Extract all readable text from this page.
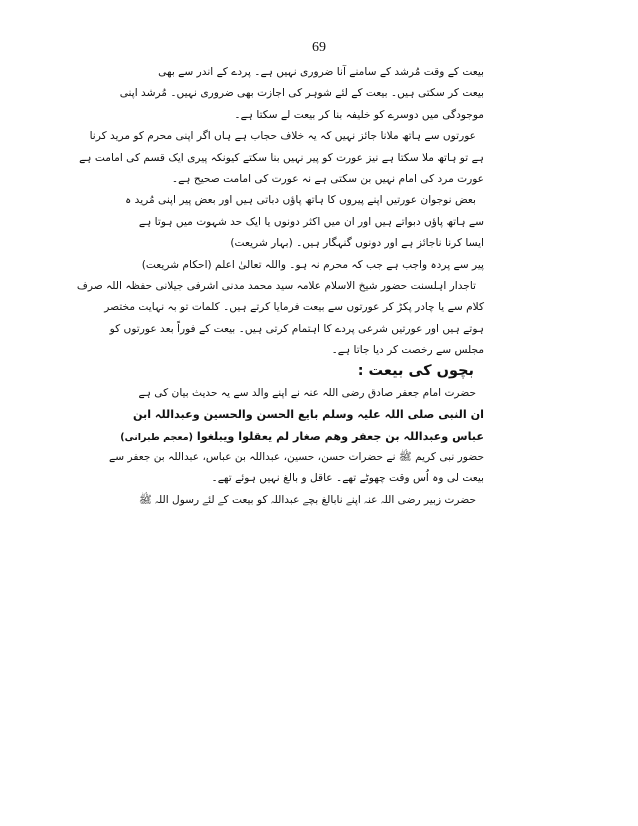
69
بیعت کے وقت مُرشد کے سامنے آنا ضروری نہیں ہے۔ پردے کے اندر سے بھی
بیعت کر سکتی ہیں۔ بیعت کے لئے شوہر کی اجازت بھی ضروری نہیں۔ مُرشد اپنی
موجودگی میں دوسرے کو خلیفہ بنا کر بیعت لے سکتا ہے۔
عورتوں سے ہاتھ ملانا جائز نہیں کہ یہ خلاف حجاب ہے ہاں اگر اپنی محرم کو مرید کرنا
ہے تو ہاتھ ملا سکتا ہے نیز عورت کو پیر نہیں بنا سکتے کیونکہ پیری ایک قسم کی امامت ہے
عورت مرد کی امام نہیں بن سکتی ہے نہ عورت کی امامت صحیح ہے۔
بعض نوجوان عورتیں اپنے پیروں کا ہاتھ پاؤں دباتی ہیں اور بعض پیر اپنی مُرید ہ
سے ہاتھ پاؤں دبواتے ہیں اور ان میں اکثر دونوں یا ایک حد شہوت میں ہوتا ہے
ایسا کرنا ناجائز ہے اور دونوں گنہگار ہیں۔ (بہار شریعت)
پیر سے پردہ واجب ہے جب کہ محرم نہ ہو۔ واللہ تعالیٰ اعلم (احکام شریعت)
تاجدار اہلسنت حضور شیخ الاسلام علامہ سید محمد مدنی اشرفی جیلانی حفظہ اللہ صرف
کلام سے یا چادر پکڑ کر عورتوں سے بیعت فرمایا کرتے ہیں۔ کلمات تو بہ نہایت مختصر
ہوتے ہیں اور عورتیں شرعی پردے کا اہتمام کرتی ہیں۔ بیعت کے فوراً بعد عورتوں کو
مجلس سے رخصت کر دیا جاتا ہے۔
بچوں کی بیعت :
حضرت امام جعفر صادق رضی اللہ عنہ نے اپنے والد سے یہ حدیث بیان کی ہے
ان النبی صلی اللہ علیہ وسلم بایع الحسن والحسین وعبداللہ ابن
عباس وعبداللہ بن جعفر وھم صغار لم یعقلوا ویبلغوا (معجم طبرانی)
حضور نبی کریم ﷺ نے حضرات حسن، حسین، عبداللہ بن عباس، عبداللہ بن جعفر سے
بیعت لی وہ اُس وقت چھوٹے تھے۔ عاقل و بالغ نہیں ہوئے تھے۔
حضرت زبیر رضی اللہ عنہ اپنے نابالغ بچے عبداللہ کو بیعت کے لئے رسول اللہ ﷺ
